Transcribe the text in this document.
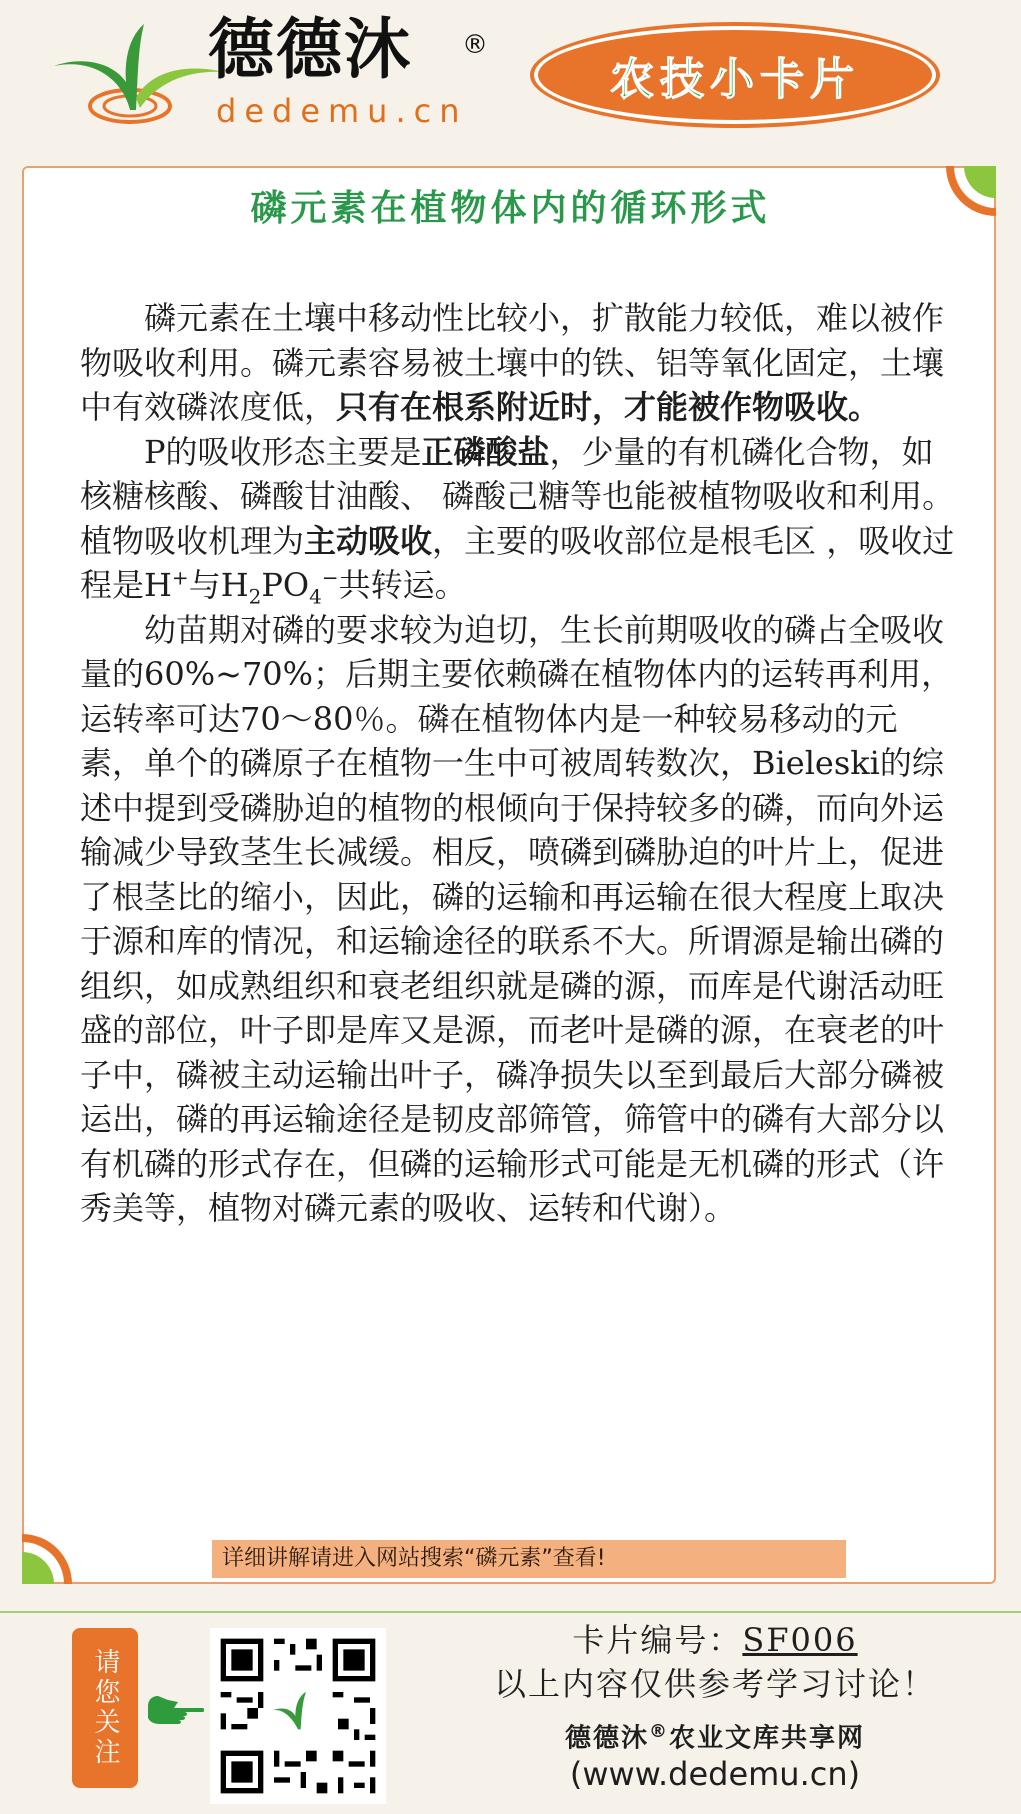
德德沐 ®
dedemu.cn
农技小卡片
磷元素在植物体内的循环形式

磷元素在土壤中移动性比较小，扩散能力较低，难以被作物吸收利用。磷元素容易被土壤中的铁、铝等氧化固定，土壤中有效磷浓度低，只有在根系附近时，才能被作物吸收。

P的吸收形态主要是正磷酸盐，少量的有机磷化合物，如核糖核酸、磷酸甘油酸、 磷酸己糖等也能被植物吸收和利用。植物吸收机理为主动吸收，主要的吸收部位是根毛区 ，吸收过程是H+与$H_2PO_4^-$共转运。

幼苗期对磷的要求较为迫切，生长前期吸收的磷占全吸收量的60%~70%；后期主要依赖磷在植物体内的运转再利用，运转率可达70～80％。磷在植物体内是一种较易移动的元素，单个的磷原子在植物一生中可被周转数次，Bieleski的综述中提到受磷胁迫的植物的根倾向于保持较多的磷，而向外运输减少导致茎生长减缓。相反，喷磷到磷胁迫的叶片上，促进了根茎比的缩小，因此，磷的运输和再运输在很大程度上取决于源和库的情况，和运输途径的联系不大。所谓源是输出磷的组织，如成熟组织和衰老组织就是磷的源，而库是代谢活动旺盛的部位，叶子即是库又是源，而老叶是磷的源，在衰老的叶子中，磷被主动运输出叶子，磷净损失以至到最后大部分磷被运出，磷的再运输途径是韧皮部筛管，筛管中的磷有大部分以有机磷的形式存在，但磷的运输形式可能是无机磷的形式（许秀美等，植物对磷元素的吸收、运转和代谢）。

详细讲解请进入网站搜索“磷元素”查看!
请您关注
卡片编号：SF006
以上内容仅供参考学习讨论！
德德沐®农业文库共享网
(www.dedemu.cn)
